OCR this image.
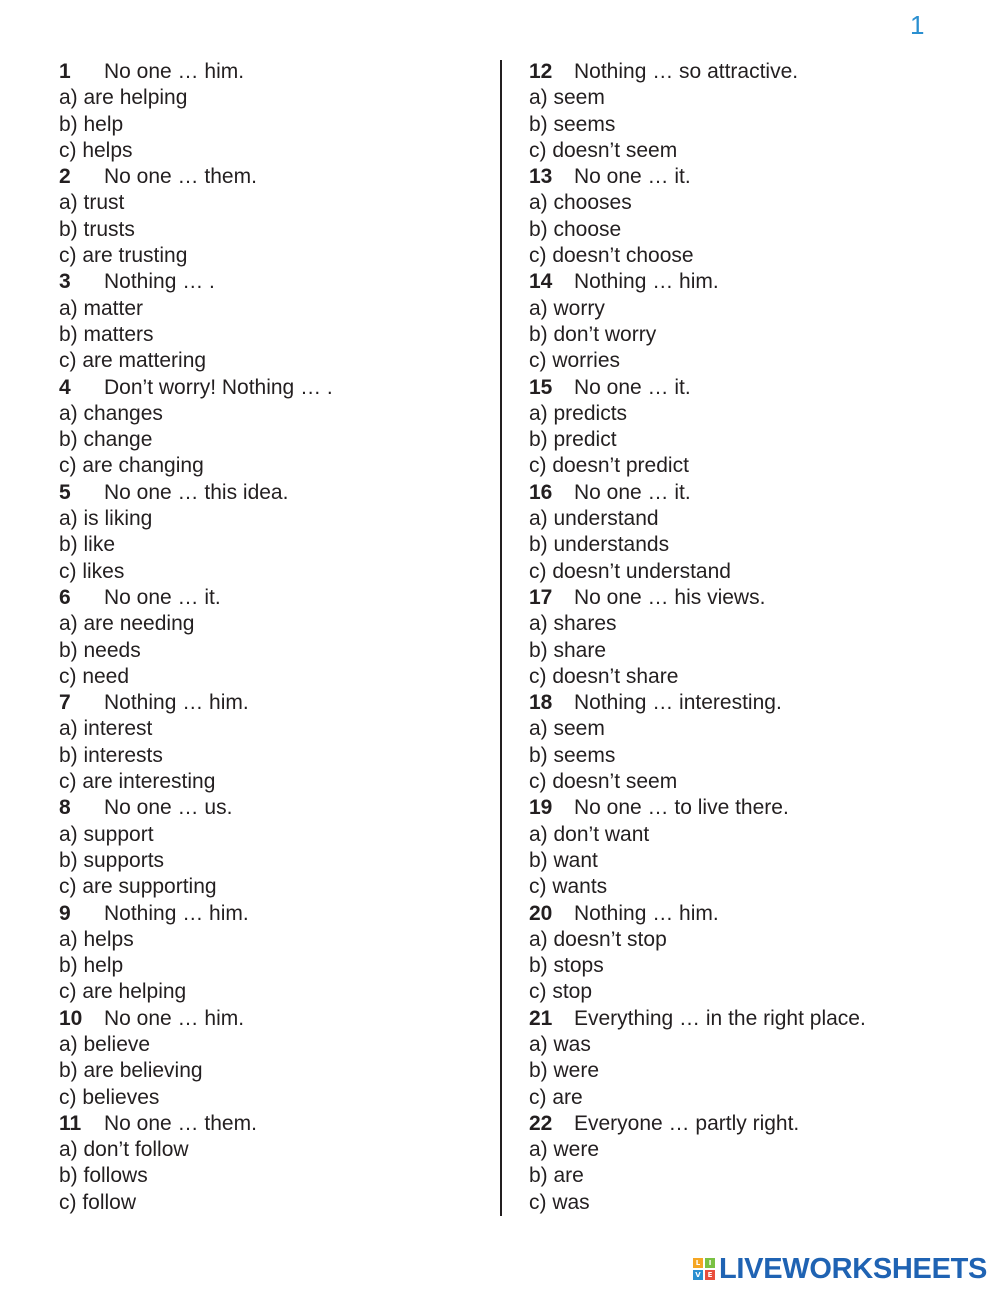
1
1 No one … him.
a) are helping
b) help
c) helps
2 No one … them.
a) trust
b) trusts
c) are trusting
3 Nothing … .
a) matter
b) matters
c) are mattering
4 Don’t worry! Nothing … .
a) changes
b) change
c) are changing
5 No one … this idea.
a) is liking
b) like
c) likes
6 No one … it.
a) are needing
b) needs
c) need
7 Nothing … him.
a) interest
b) interests
c) are interesting
8 No one … us.
a) support
b) supports
c) are supporting
9 Nothing … him.
a) helps
b) help
c) are helping
10 No one … him.
a) believe
b) are believing
c) believes
11 No one … them.
a) don’t follow
b) follows
c) follow
12 Nothing … so attractive.
a) seem
b) seems
c) doesn’t seem
13 No one … it.
a) chooses
b) choose
c) doesn’t choose
14 Nothing … him.
a) worry
b) don’t worry
c) worries
15 No one … it.
a) predicts
b) predict
c) doesn’t predict
16 No one … it.
a) understand
b) understands
c) doesn’t understand
17 No one … his views.
a) shares
b) share
c) doesn’t share
18 Nothing … interesting.
a) seem
b) seems
c) doesn’t seem
19 No one … to live there.
a) don’t want
b) want
c) wants
20 Nothing … him.
a) doesn’t stop
b) stops
c) stop
21 Everything … in the right place.
a) was
b) were
c) are
22 Everyone … partly right.
a) were
b) are
c) was
L	I
V E LIVEWORKSHEETS
